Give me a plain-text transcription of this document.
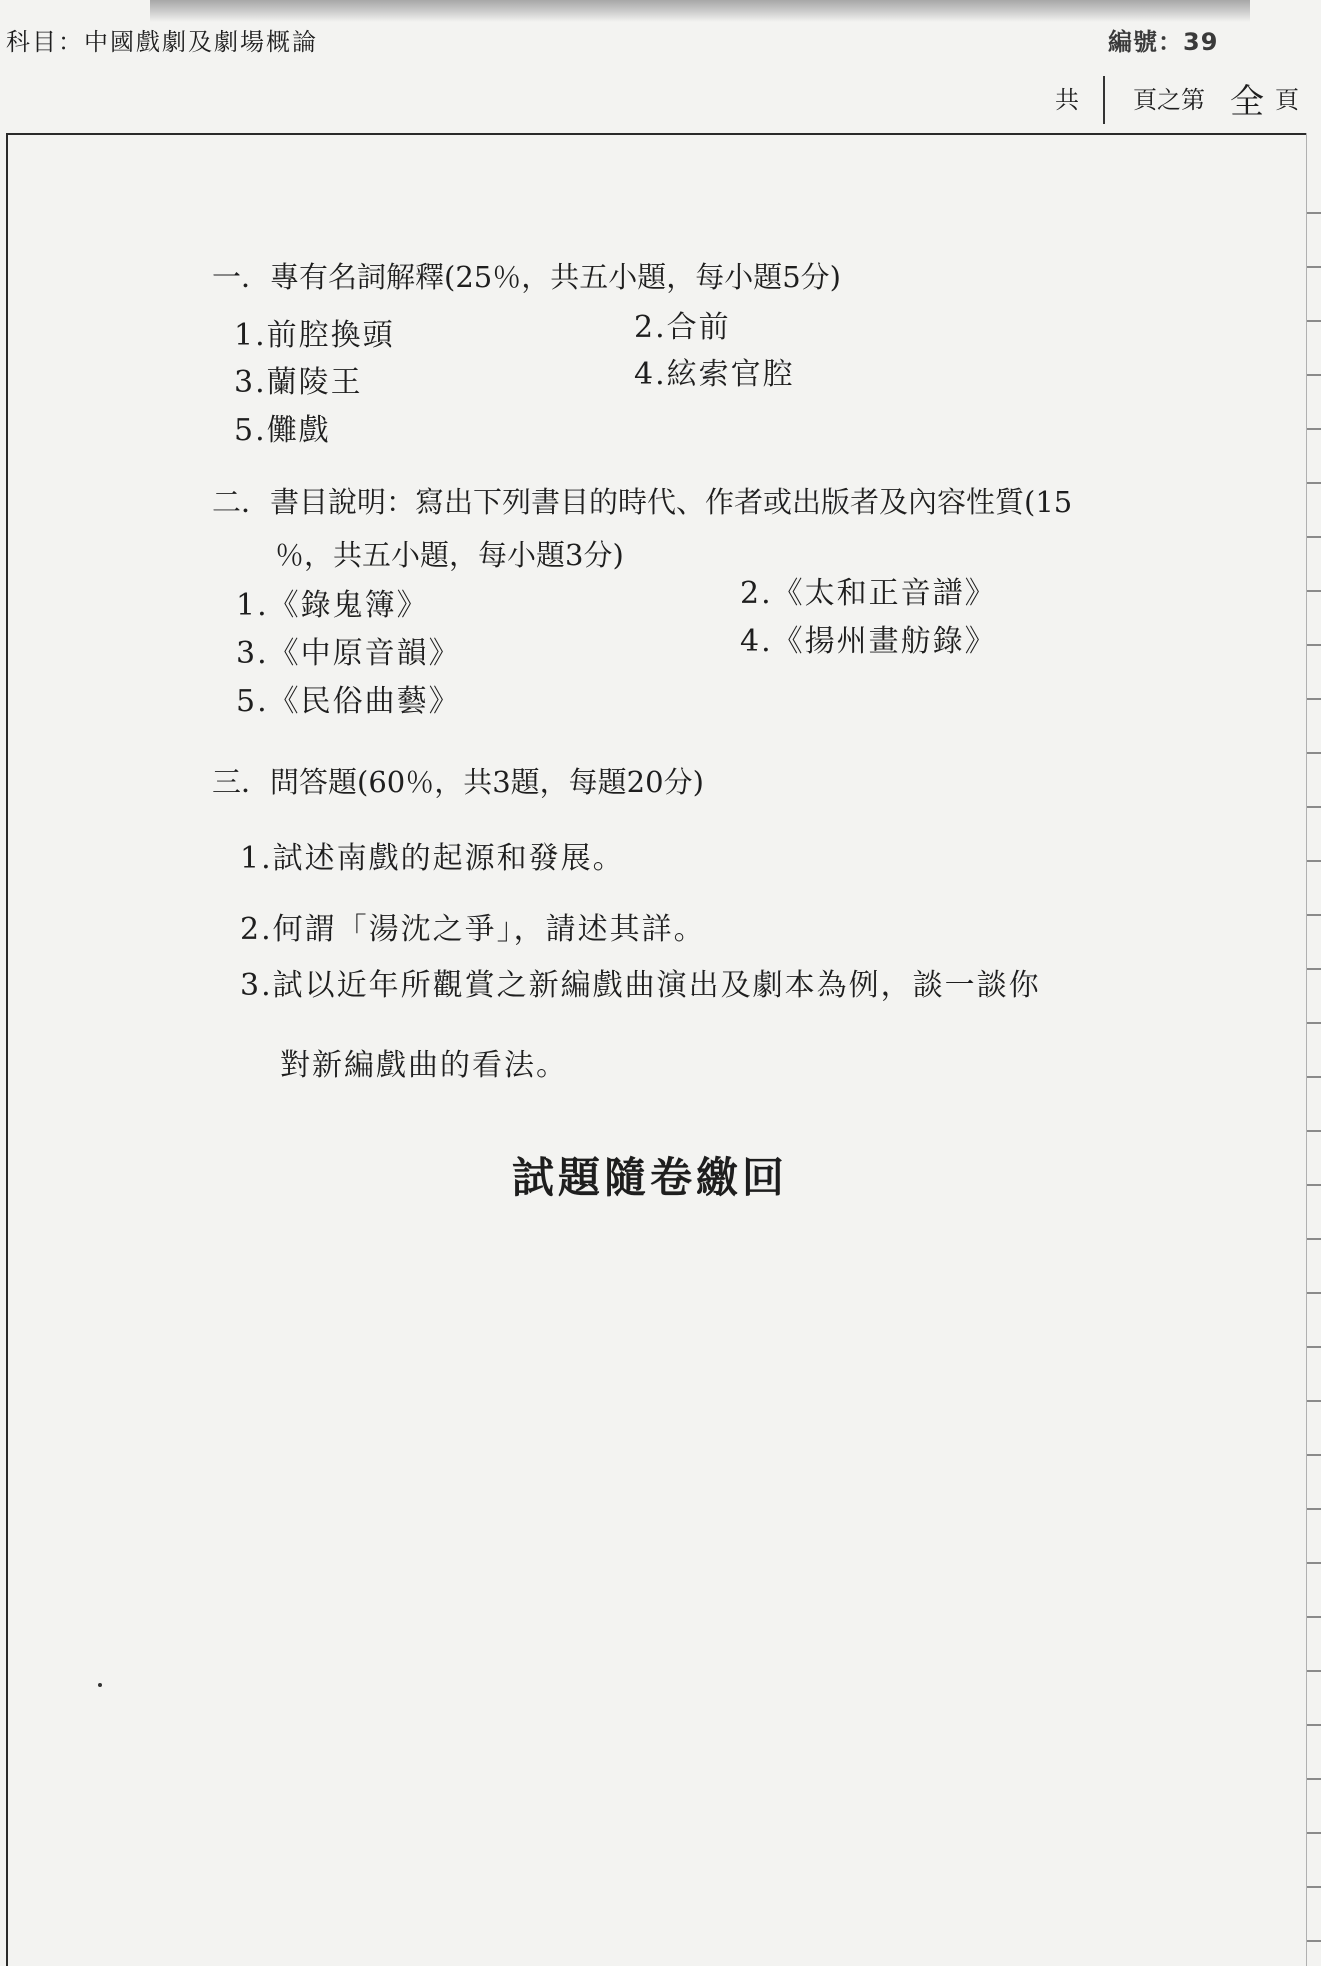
科目：中國戲劇及劇場概論	編號：39
共 頁之第 全 頁
一．專有名詞解釋(25％，共五小題，每小題5分)
1.前腔換頭	2.合前
3.蘭陵王	4.絃索官腔
5.儺戲
二．書目說明：寫出下列書目的時代、作者或出版者及內容性質(15
％，共五小題，每小題3分)
1.《錄鬼簿》	2.《太和正音譜》
3.《中原音韻》	4.《揚州畫舫錄》
5.《民俗曲藝》
三．問答題(60％，共3題，每題20分)
1.試述南戲的起源和發展。
2.何謂「湯沈之爭」，請述其詳。
3.試以近年所觀賞之新編戲曲演出及劇本為例，談一談你
對新編戲曲的看法。
試題隨卷繳回
